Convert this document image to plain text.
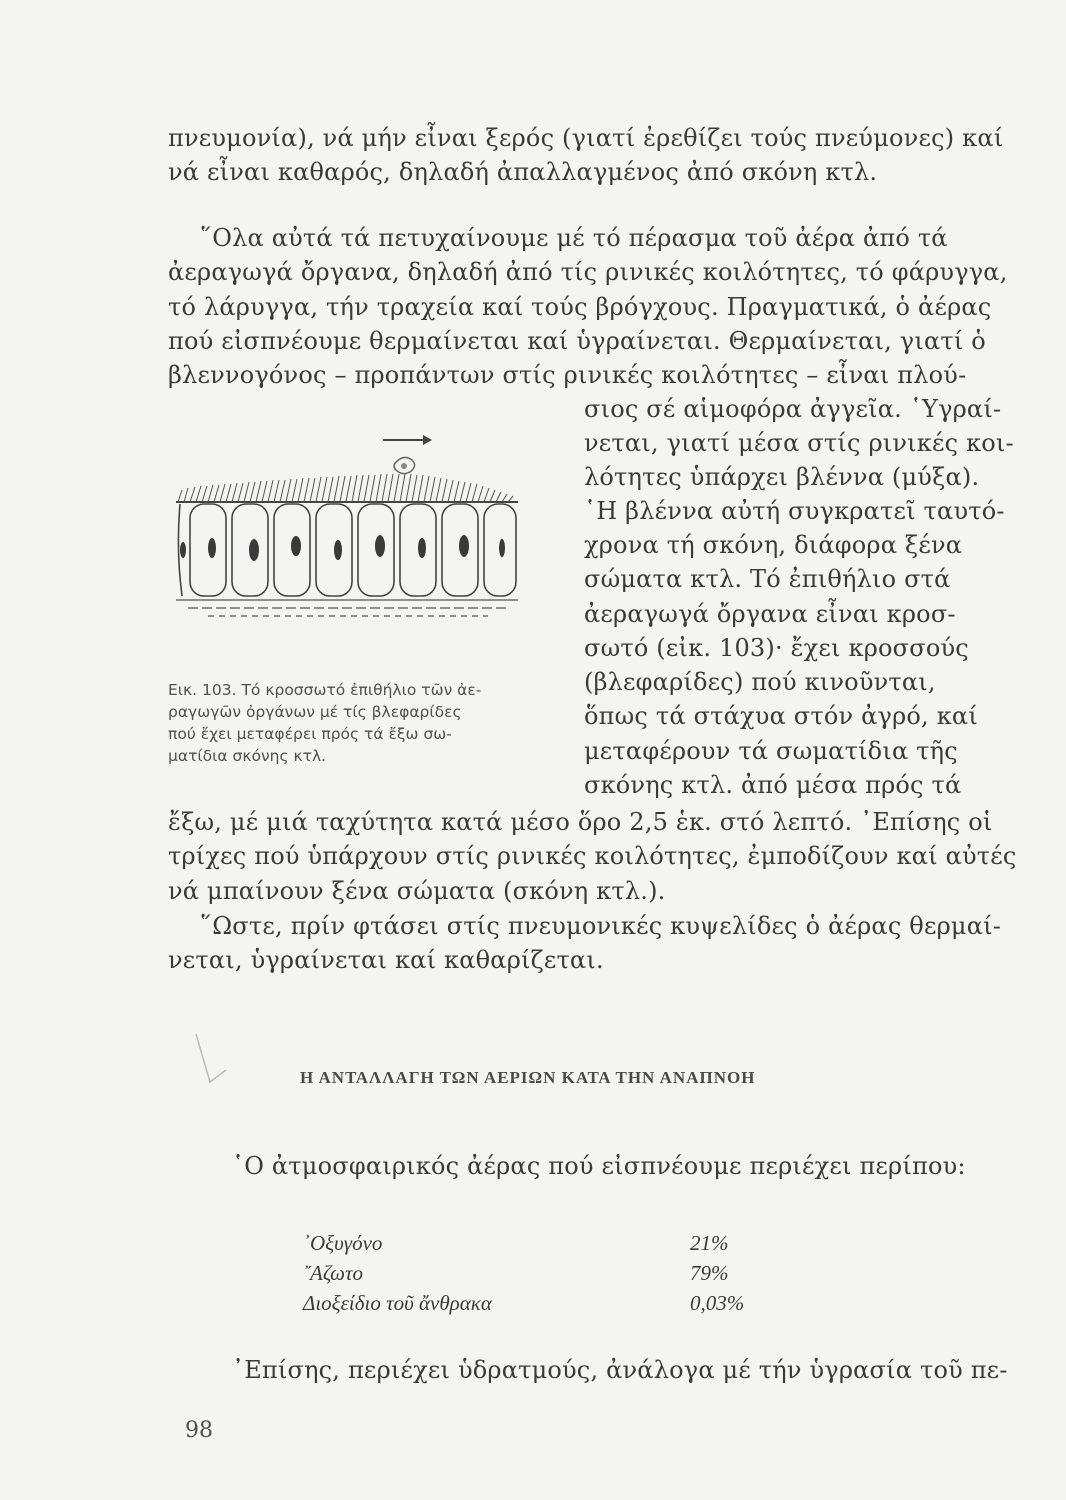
πνευμονία), νά μήν εἶναι ξερός (γιατί ἐρεθίζει τούς πνεύμονες) καί
νά εἶναι καθαρός, δηλαδή ἀπαλλαγμένος ἀπό σκόνη κτλ.
῞Ολα αὐτά τά πετυχαίνουμε μέ τό πέρασμα τοῦ ἀέρα ἀπό τά
ἀεραγωγά ὄργανα, δηλαδή ἀπό τίς ρινικές κοιλότητες, τό φάρυγγα,
τό λάρυγγα, τήν τραχεία καί τούς βρόγχους. Πραγματικά, ὁ ἀέρας
πού εἰσπνέουμε θερμαίνεται καί ὑγραίνεται. Θερμαίνεται, γιατί ὁ
βλεννογόνος – προπάντων στίς ρινικές κοιλότητες – εἶναι πλού-
σιος σέ αἱμοφόρα ἀγγεῖα. ῾Υγραί-
νεται, γιατί μέσα στίς ρινικές κοι-
λότητες ὑπάρχει βλέννα (μύξα).
῾Η βλέννα αὐτή συγκρατεῖ ταυτό-
χρονα τή σκόνη, διάφορα ξένα
σώματα κτλ. Τό ἐπιθήλιο στά
ἀεραγωγά ὄργανα εἶναι κροσ-
σωτό (εἰκ. 103)· ἔχει κροσσούς
(βλεφαρίδες) πού κινοῦνται,
ὅπως τά στάχυα στόν ἀγρό, καί
μεταφέρουν τά σωματίδια τῆς
σκόνης κτλ. ἀπό μέσα πρός τά
ἔξω, μέ μιά ταχύτητα κατά μέσο ὅρο 2,5 ἑκ. στό λεπτό. ᾿Επίσης οἱ
τρίχες πού ὑπάρχουν στίς ρινικές κοιλότητες, ἐμποδίζουν καί αὐτές
νά μπαίνουν ξένα σώματα (σκόνη κτλ.).
῞Ωστε, πρίν φτάσει στίς πνευμονικές κυψελίδες ὁ ἀέρας θερμαί-
νεται, ὑγραίνεται καί καθαρίζεται.
Εικ. 103. Τό κροσσωτό ἐπιθήλιο τῶν ἀε-
ραγωγῶν ὀργάνων μέ τίς βλεφαρίδες
πού ἔχει μεταφέρει πρός τά ἔξω σω-
ματίδια σκόνης κτλ.
Η ΑΝΤΑΛΛΑΓΗ ΤΩΝ ΑΕΡΙΩΝ ΚΑΤΑ ΤΗΝ ΑΝΑΠΝΟΗ
῾Ο ἀτμοσφαιρικός ἀέρας πού εἰσπνέουμε περιέχει περίπου:
᾿Οξυγόνο	21%
῎Αζωτο	79%
Διοξείδιο τοῦ ἄνθρακα	0,03%
᾿Επίσης, περιέχει ὑδρατμούς, ἀνάλογα μέ τήν ὑγρασία τοῦ πε-
98
